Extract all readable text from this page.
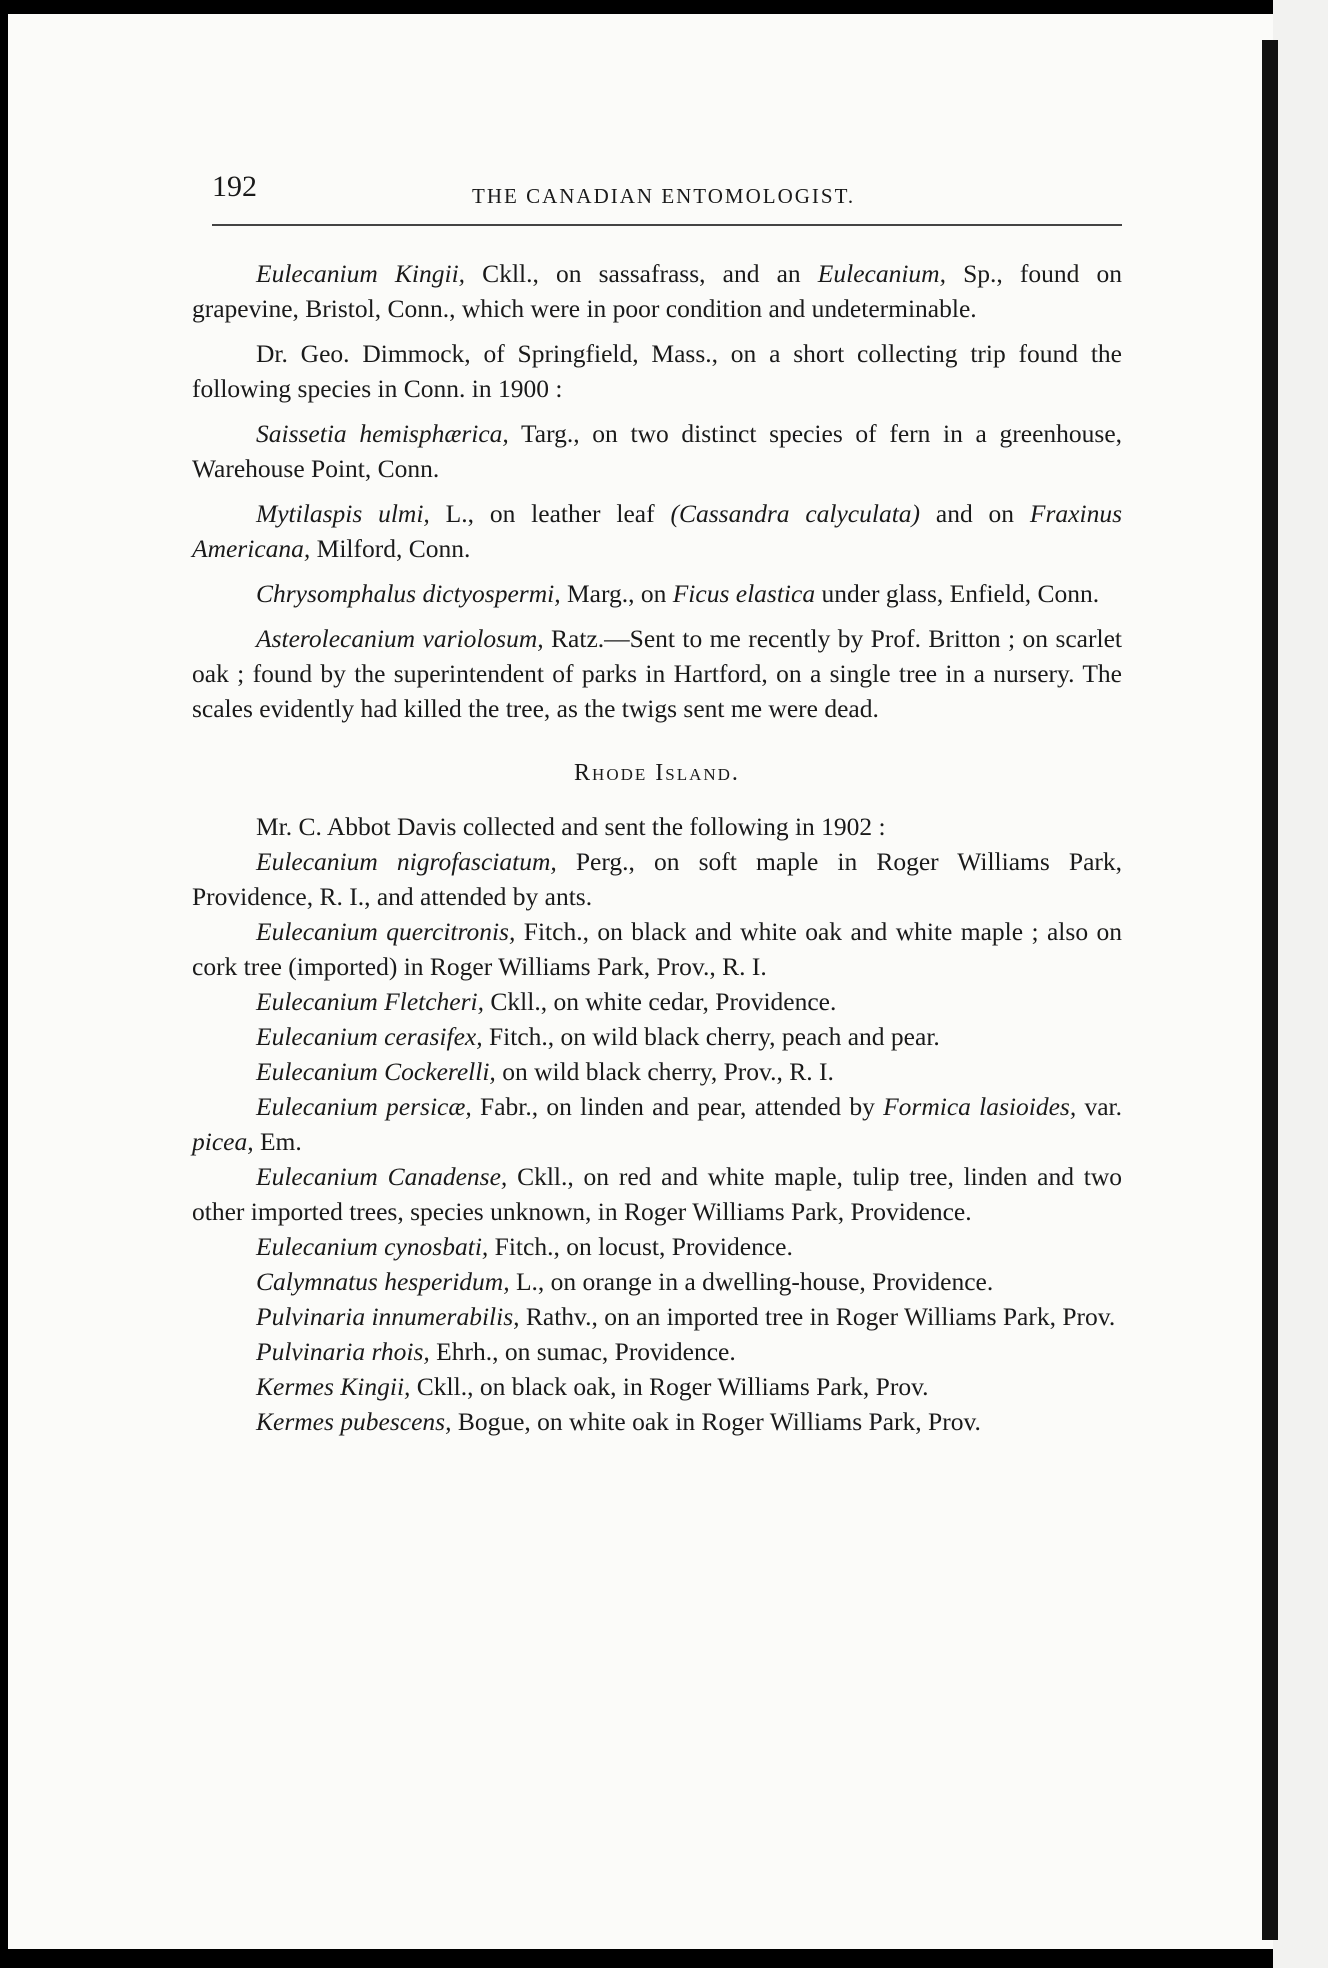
192	THE CANADIAN ENTOMOLOGIST.

Eulecanium Kingii, Ckll., on sassafrass, and an Eulecanium, Sp., found on grapevine, Bristol, Conn., which were in poor condition and undeterminable.

Dr. Geo. Dimmock, of Springfield, Mass., on a short collecting trip found the following species in Conn. in 1900 :

Saissetia hemisphærica, Targ., on two distinct species of fern in a greenhouse, Warehouse Point, Conn.

Mytilaspis ulmi, L., on leather leaf (Cassandra calyculata) and on Fraxinus Americana, Milford, Conn.

Chrysomphalus dictyospermi, Marg., on Ficus elastica under glass, Enfield, Conn.

Asterolecanium variolosum, Ratz.—Sent to me recently by Prof. Britton ; on scarlet oak ; found by the superintendent of parks in Hartford, on a single tree in a nursery. The scales evidently had killed the tree, as the twigs sent me were dead.

Rhode Island.

Mr. C. Abbot Davis collected and sent the following in 1902 :

Eulecanium nigrofasciatum, Perg., on soft maple in Roger Williams Park, Providence, R. I., and attended by ants.

Eulecanium quercitronis, Fitch., on black and white oak and white maple ; also on cork tree (imported) in Roger Williams Park, Prov., R. I.

Eulecanium Fletcheri, Ckll., on white cedar, Providence.

Eulecanium cerasifex, Fitch., on wild black cherry, peach and pear.

Eulecanium Cockerelli, on wild black cherry, Prov., R. I.

Eulecanium persicæ, Fabr., on linden and pear, attended by Formica lasioides, var. picea, Em.

Eulecanium Canadense, Ckll., on red and white maple, tulip tree, linden and two other imported trees, species unknown, in Roger Williams Park, Providence.

Eulecanium cynosbati, Fitch., on locust, Providence.

Calymnatus hesperidum, L., on orange in a dwelling-house, Providence.

Pulvinaria innumerabilis, Rathv., on an imported tree in Roger Williams Park, Prov.

Pulvinaria rhois, Ehrh., on sumac, Providence.

Kermes Kingii, Ckll., on black oak, in Roger Williams Park, Prov.

Kermes pubescens, Bogue, on white oak in Roger Williams Park, Prov.
